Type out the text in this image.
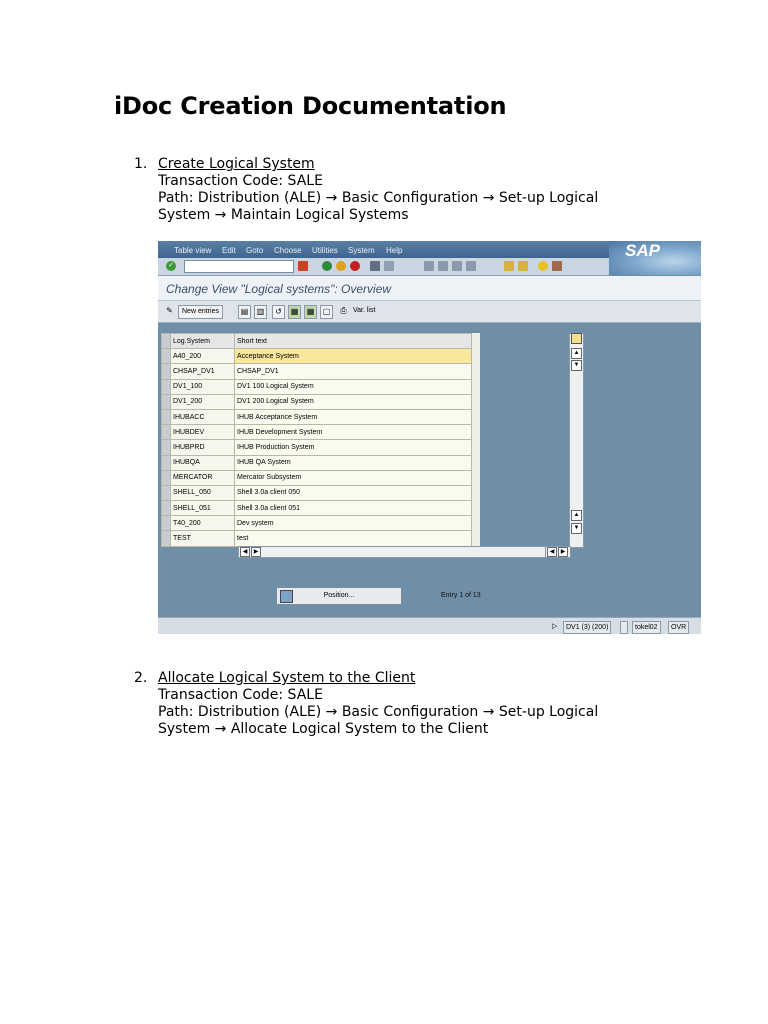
iDoc Creation Documentation
1. Create Logical System
Transaction Code: SALE
Path: Distribution (ALE) → Basic Configuration → Set-up Logical
System → Maintain Logical Systems
Table view Edit Goto Choose Utilities System Help	SAP
✓
Change View "Logical systems": Overview
✎	New entries	▤	▥	↺	▦	▦	▢	⎙ Var. list
	Log.System	Short text
	A40_200	Acceptance System
	CHSAP_DV1	CHSAP_DV1
	DV1_100	DV1 100 Logical System
	DV1_200	DV1 200 Logical System
	IHUBACC	IHUB Acceptance System
	IHUBDEV	IHUB Development System
	IHUBPRD	IHUB Production System
	IHUBQA	IHUB QA System
	MERCATOR	Mercator Subsystem
	SHELL_050	Shell 3.0a client 050
	SHELL_051	Shell 3.0a client 051
	T40_200	Dev system
	TEST	test
▲
▼
▲
▼
◀	▶	◀	▶
Position...	Entry 1 of 13
▷	DV1 (3) (200)	tokel02	OVR
2. Allocate Logical System to the Client
Transaction Code: SALE
Path: Distribution (ALE) → Basic Configuration → Set-up Logical
System → Allocate Logical System to the Client
